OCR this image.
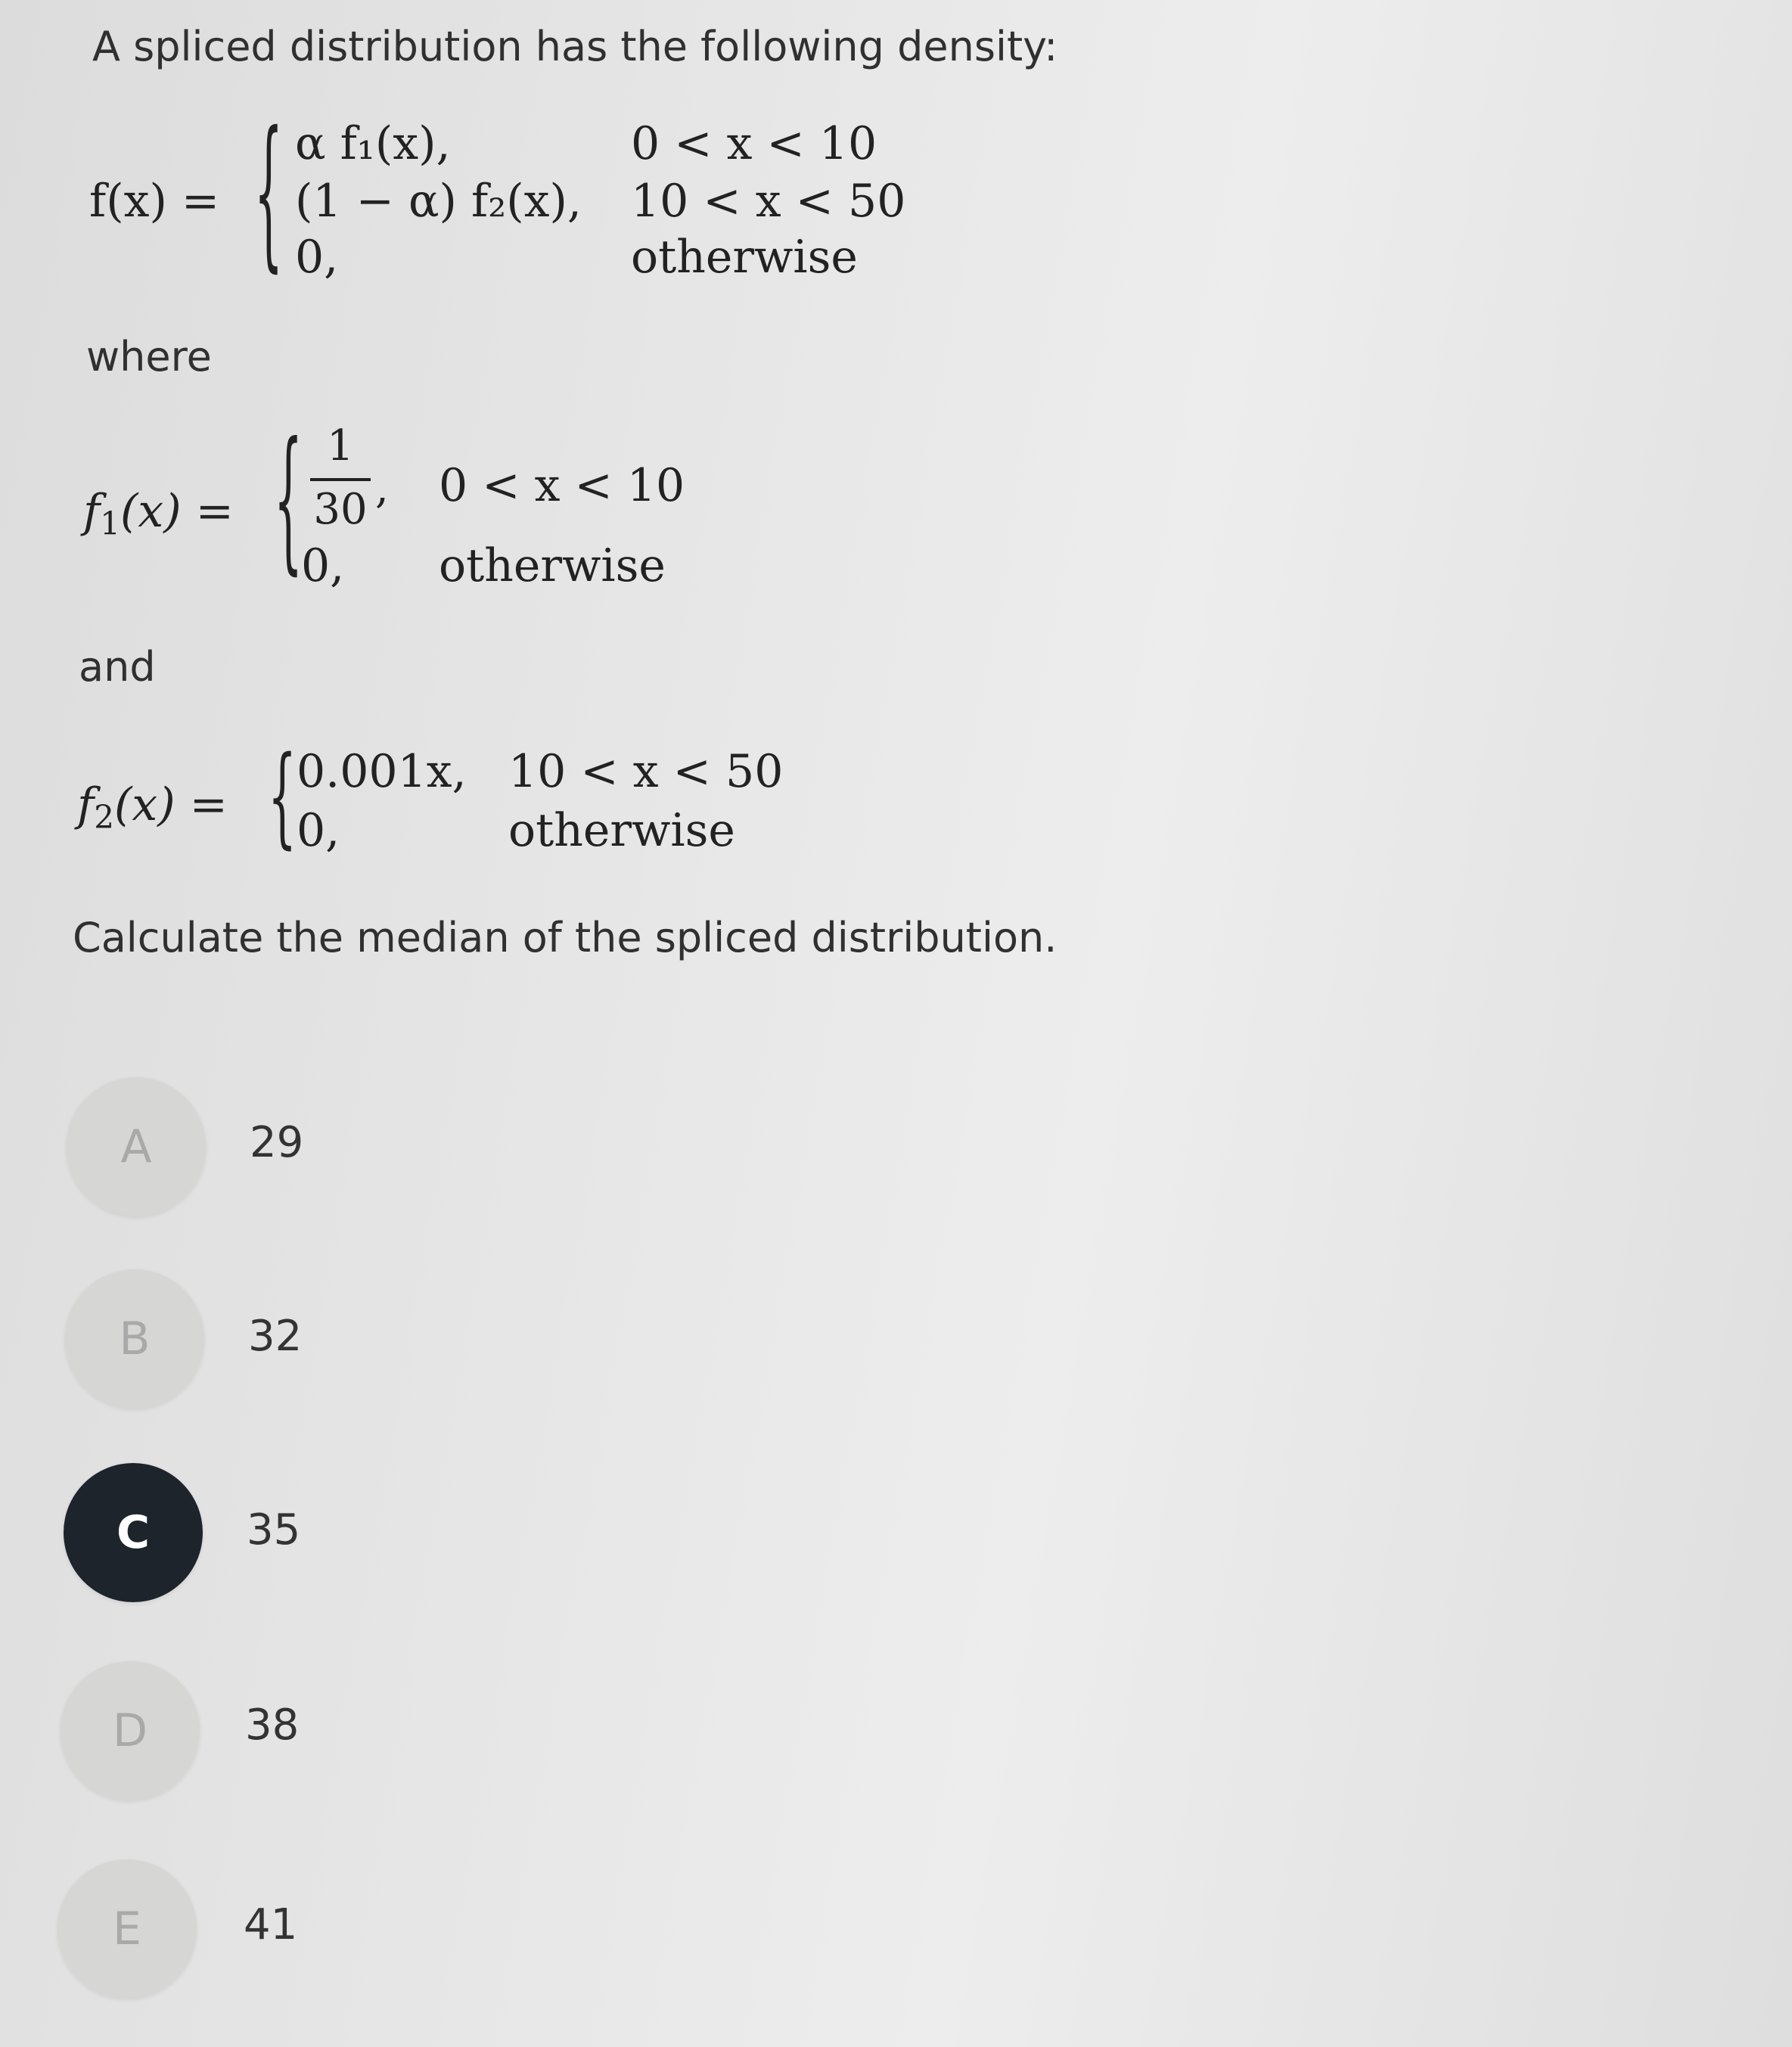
A spliced distribution has the following density:
f(x) = { α f₁(x),	0 < x < 10
(1 − α) f₂(x), 10 < x < 50
0,	otherwise
where
$f_1(x)$ = { 1
30 , 0 < x < 10
0, otherwise
and
$f_2(x)$ = { 0.001x, 10 < x < 50
0,	otherwise
Calculate the median of the spliced distribution.
A	29
B	32
C	35
D	38
E	41
